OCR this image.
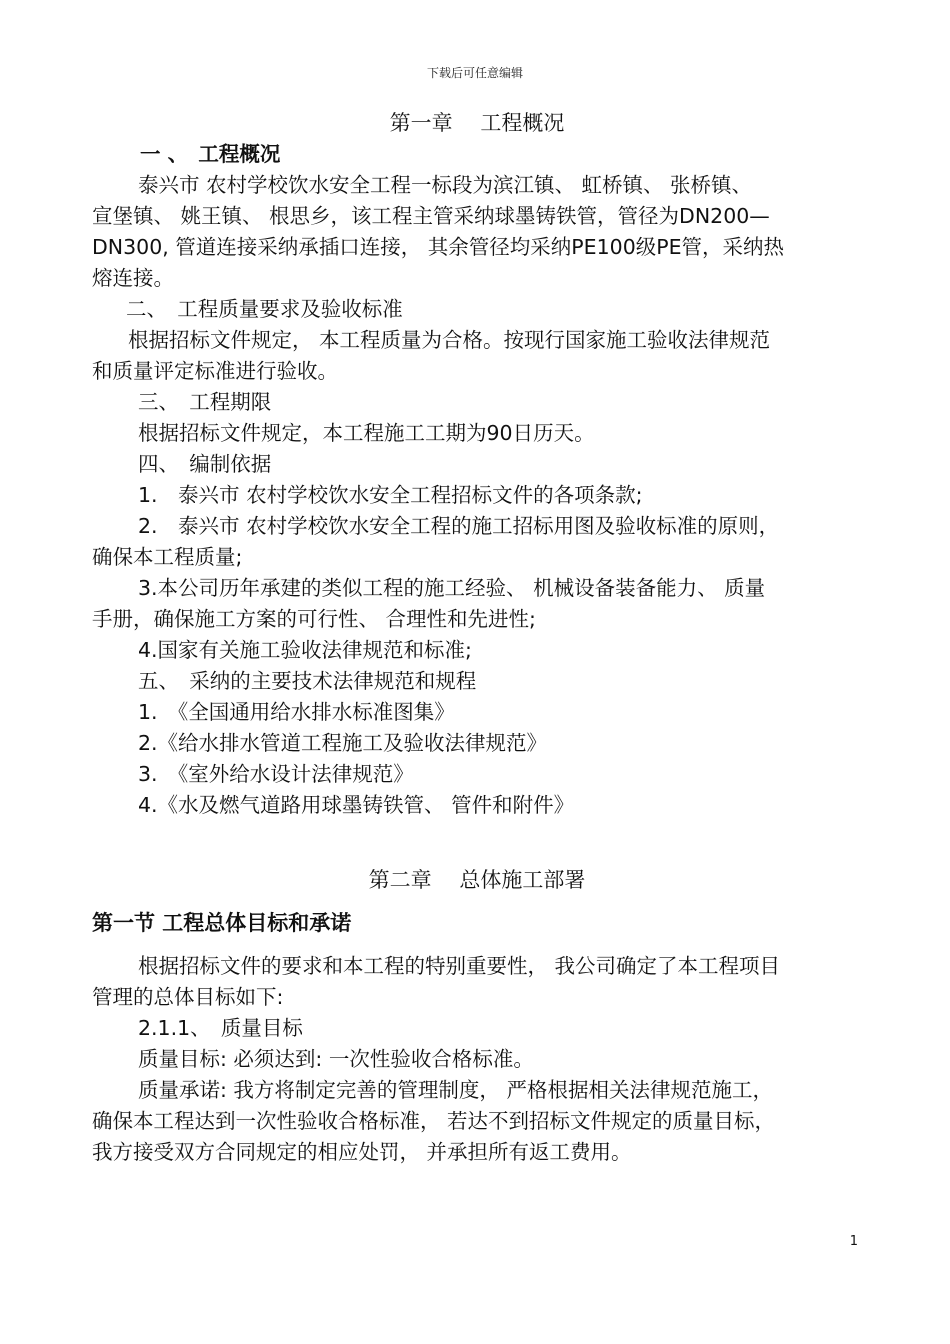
下载后可任意编辑
第一章　 工程概况
一 、　工程概况
泰兴市 农村学校饮水安全工程一标段为滨江镇、 虹桥镇、 张桥镇、
宣堡镇、 姚王镇、 根思乡，该工程主管采纳球墨铸铁管，管径为DN200—
DN300, 管道连接采纳承插口连接， 其余管径均采纳PE100级PE管，采纳热
熔连接。
二、　工程质量要求及验收标准
根据招标文件规定， 本工程质量为合格。按现行国家施工验收法律规范
和质量评定标准进行验收。
三、　工程期限
根据招标文件规定，本工程施工工期为90日历天。
四、　编制依据
1.　泰兴市 农村学校饮水安全工程招标文件的各项条款;
2.　泰兴市 农村学校饮水安全工程的施工招标用图及验收标准的原则，
确保本工程质量;
3.本公司历年承建的类似工程的施工经验、 机械设备装备能力、 质量
手册，确保施工方案的可行性、 合理性和先进性;
4.国家有关施工验收法律规范和标准;
五、　采纳的主要技术法律规范和规程
1.　《全国通用给水排水标准图集》
2.《给水排水管道工程施工及验收法律规范》
3.　《室外给水设计法律规范》
4.《水及燃气道路用球墨铸铁管、 管件和附件》
第二章　 总体施工部署
第一节 工程总体目标和承诺
根据招标文件的要求和本工程的特别重要性， 我公司确定了本工程项目
管理的总体目标如下:
2.1.1、　质量目标
质量目标: 必须达到: 一次性验收合格标准。
质量承诺: 我方将制定完善的管理制度， 严格根据相关法律规范施工，
确保本工程达到一次性验收合格标准， 若达不到招标文件规定的质量目标，
我方接受双方合同规定的相应处罚， 并承担所有返工费用。
1
